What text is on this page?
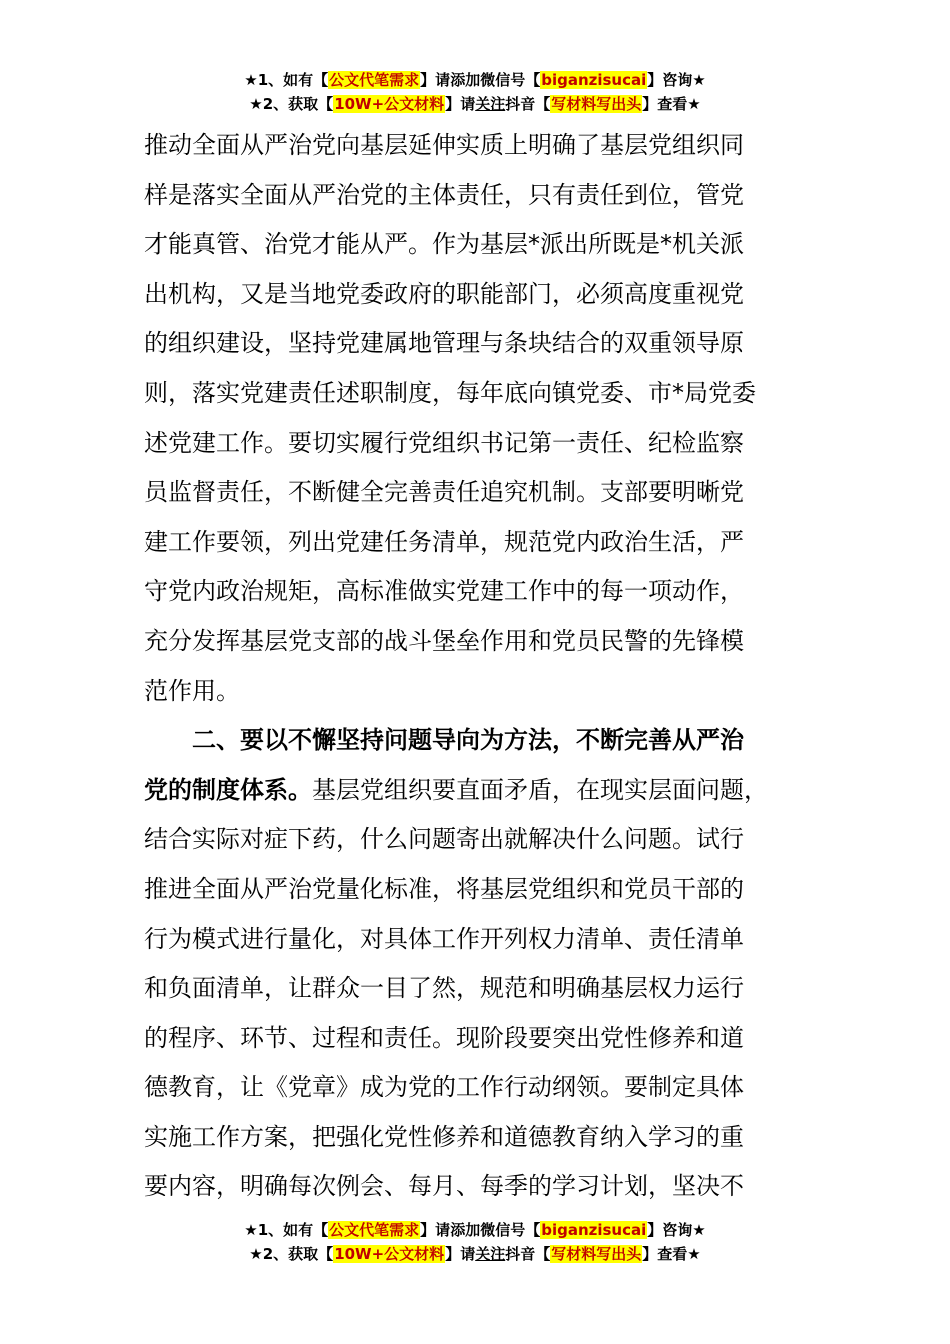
★1、如有【公文代笔需求】请添加微信号【biganzisucai】咨询★
★2、获取【10W+公文材料】请关注抖音【写材料写出头】查看★
推动全面从严治党向基层延伸实质上明确了基层党组织同
样是落实全面从严治党的主体责任，只有责任到位，管党
才能真管、治党才能从严。作为基层*派出所既是*机关派
出机构，又是当地党委政府的职能部门，必须高度重视党
的组织建设，坚持党建属地管理与条块结合的双重领导原
则，落实党建责任述职制度，每年底向镇党委、市*局党委
述党建工作。要切实履行党组织书记第一责任、纪检监察
员监督责任，不断健全完善责任追究机制。支部要明晰党
建工作要领，列出党建任务清单，规范党内政治生活，严
守党内政治规矩，高标准做实党建工作中的每一项动作，
充分发挥基层党支部的战斗堡垒作用和党员民警的先锋模
范作用。
二、要以不懈坚持问题导向为方法，不断完善从严治
党的制度体系。基层党组织要直面矛盾，在现实层面问题，
结合实际对症下药，什么问题寄出就解决什么问题。试行
推进全面从严治党量化标准，将基层党组织和党员干部的
行为模式进行量化，对具体工作开列权力清单、责任清单
和负面清单，让群众一目了然，规范和明确基层权力运行
的程序、环节、过程和责任。现阶段要突出党性修养和道
德教育，让《党章》成为党的工作行动纲领。要制定具体
实施工作方案，把强化党性修养和道德教育纳入学习的重
要内容，明确每次例会、每月、每季的学习计划，坚决不
★1、如有【公文代笔需求】请添加微信号【biganzisucai】咨询★
★2、获取【10W+公文材料】请关注抖音【写材料写出头】查看★
